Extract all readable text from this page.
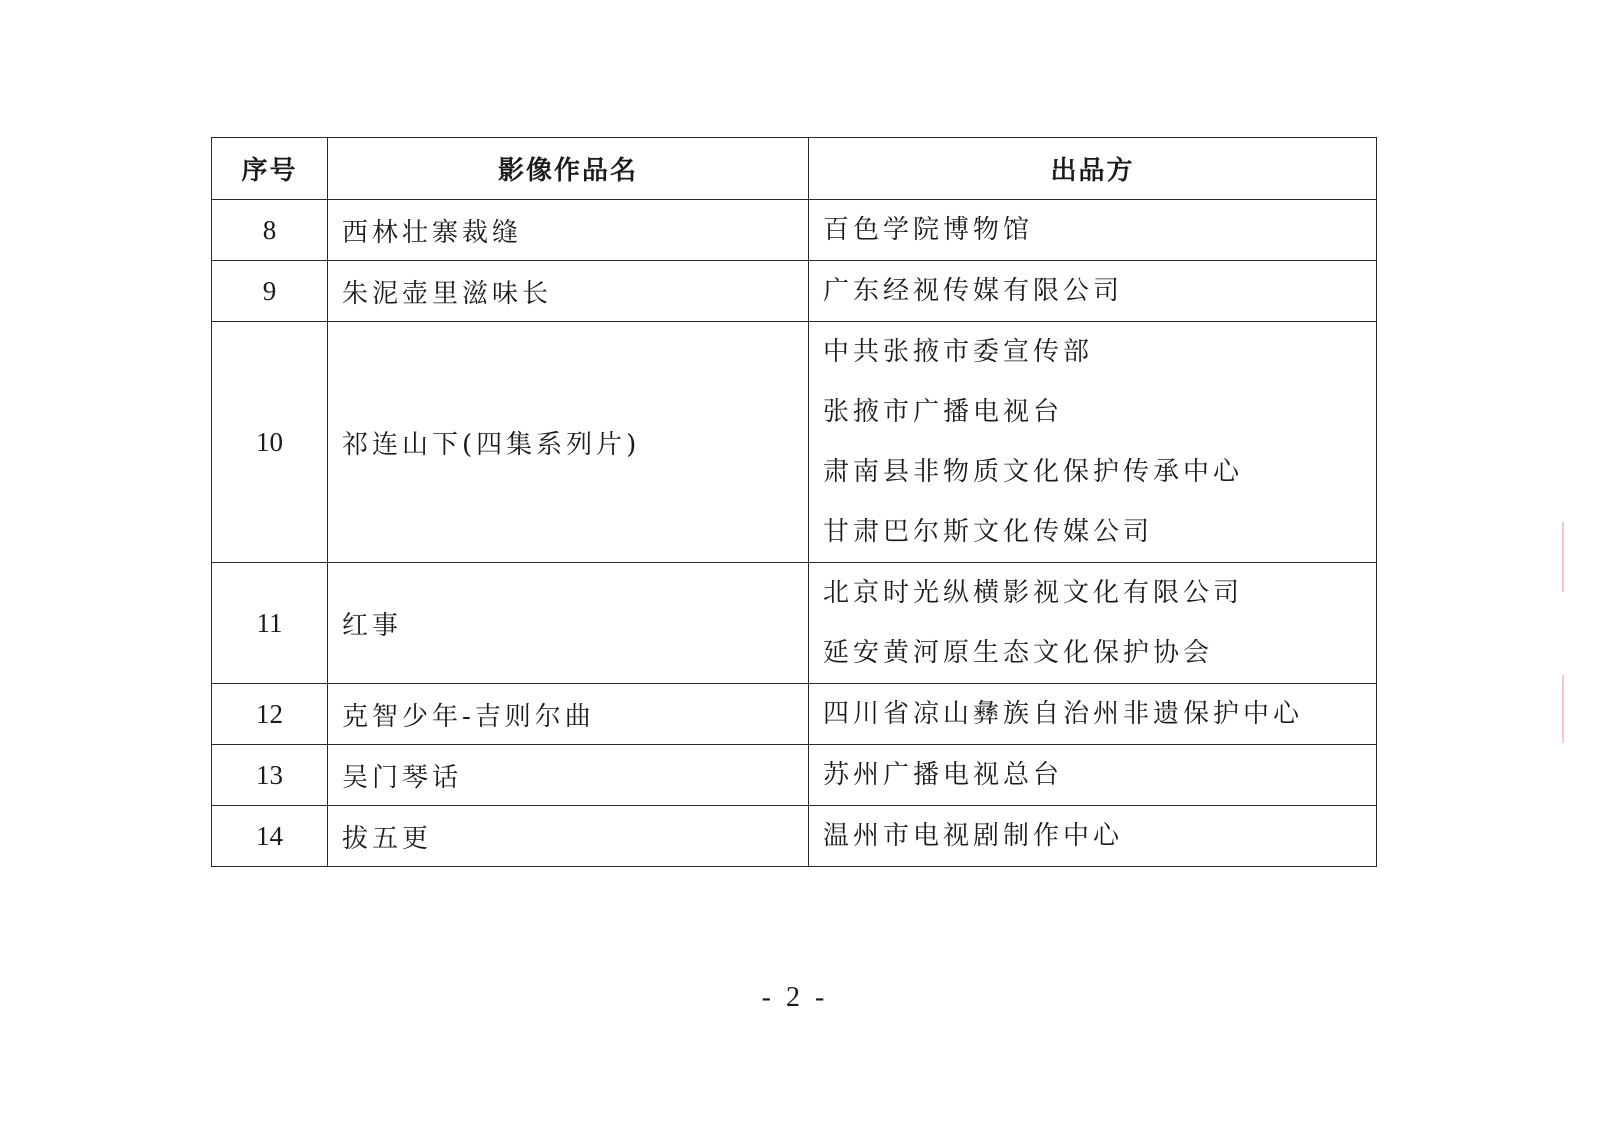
序号	影像作品名	出品方
8	西林壮寨裁缝	百色学院博物馆

9	朱泥壶里滋味长	广东经视传媒有限公司

10	祁连山下(四集系列片)	中共张掖市委宣传部
张掖市广播电视台
肃南县非物质文化保护传承中心
甘肃巴尔斯文化传媒公司

11	红事	北京时光纵横影视文化有限公司
延安黄河原生态文化保护协会

12	克智少年-吉则尔曲	四川省凉山彝族自治州非遗保护中心

13	吴门琴话	苏州广播电视总台

14	拔五更	温州市电视剧制作中心
- 2 -
